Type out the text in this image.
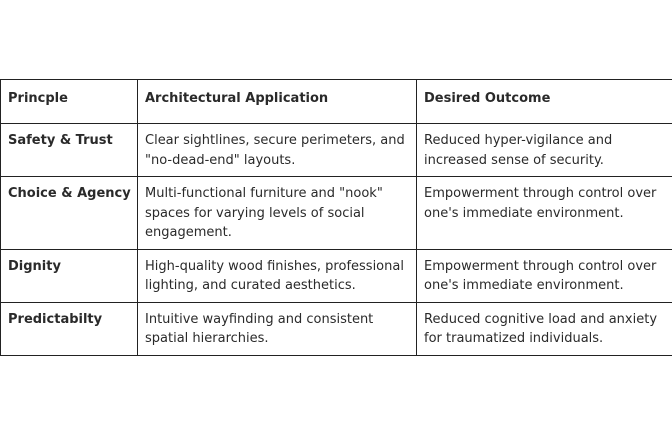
Princple	Architectural Application	Desired Outcome
Safety & Trust	Clear sightlines, secure perimeters, and "no-dead-end" layouts.	Reduced hyper-vigilance and increased sense of security.
Choice & Agency	Multi-functional furniture and "nook" spaces for varying levels of social engagement.	Empowerment through control over one's immediate environment.
Dignity	High-quality wood finishes, professional lighting, and curated aesthetics.	Empowerment through control over one's immediate environment.
Predictabilty	Intuitive wayfinding and consistent spatial hierarchies.	Reduced cognitive load and anxiety for traumatized individuals.
